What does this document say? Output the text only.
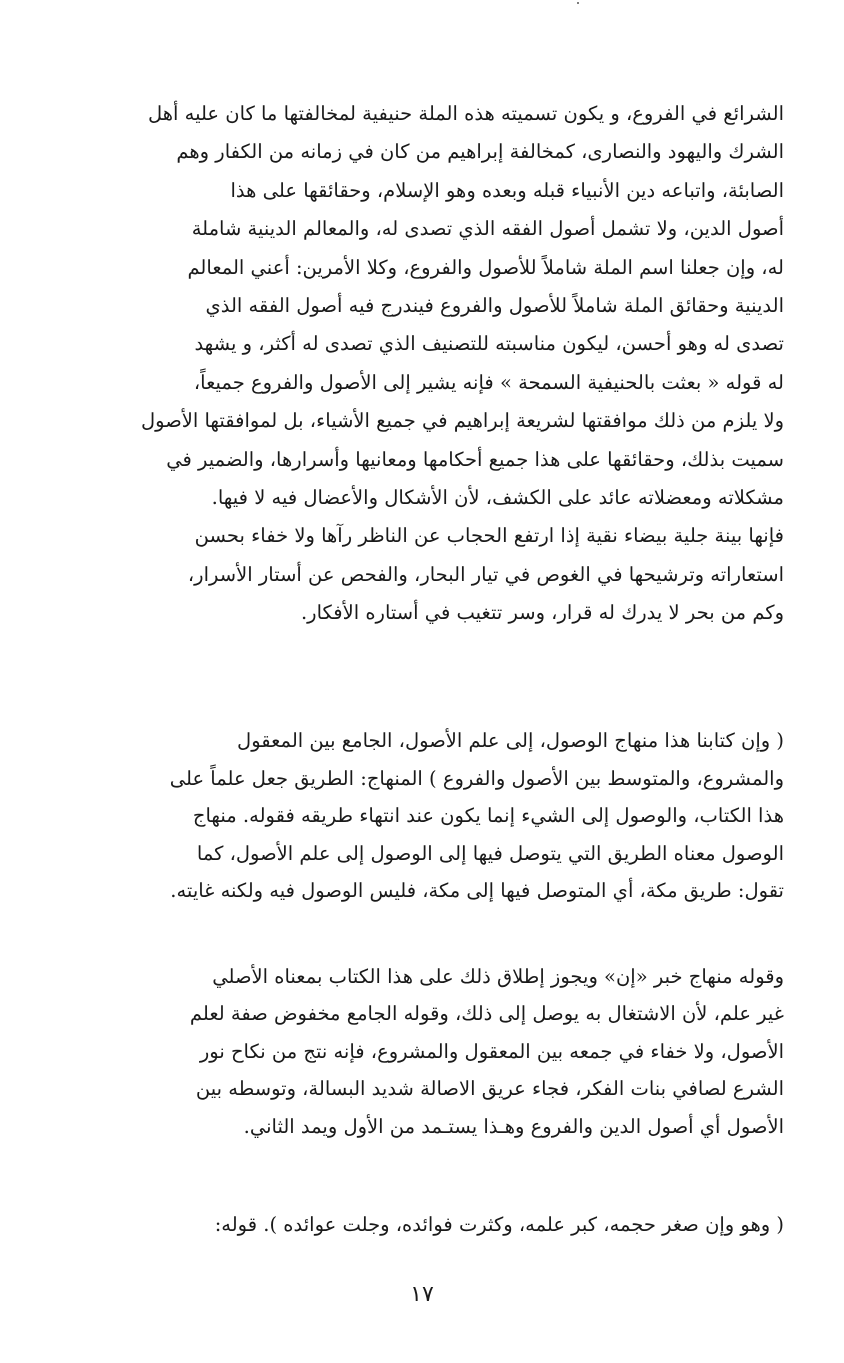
الشرائع في الفروع، و يكون تسميته هذه الملة حنيفية لمخالفتها ما كان عليه أهل
الشرك واليهود والنصارى، كمخالفة إبراهيم من كان في زمانه من الكفار وهم
الصابئة، واتباعه دين الأنبياء قبله وبعده وهو الإسلام، وحقائقها على هذا
أصول الدين، ولا تشمل أصول الفقه الذي تصدى له، والمعالم الدينية شاملة
له، وإن جعلنا اسم الملة شاملاً للأصول والفروع، وكلا الأمرين: أعني المعالم
الدينية وحقائق الملة شاملاً للأصول والفروع فيندرج فيه أصول الفقه الذي
تصدى له وهو أحسن، ليكون مناسبته للتصنيف الذي تصدى له أكثر، و يشهد
له قوله « بعثت بالحنيفية السمحة » فإنه يشير إلى الأصول والفروع جميعاً،
ولا يلزم من ذلك موافقتها لشريعة إبراهيم في جميع الأشياء، بل لموافقتها الأصول
سميت بذلك، وحقائقها على هذا جميع أحكامها ومعانيها وأسرارها، والضمير في
مشكلاته ومعضلاته عائد على الكشف، لأن الأشكال والأعضال فيه لا فيها.
فإنها بينة جلية بيضاء نقية إذا ارتفع الحجاب عن الناظر رآها ولا خفاء بحسن
استعاراته وترشيحها في الغوص في تيار البحار، والفحص عن أستار الأسرار،
وكم من بحر لا يدرك له قرار، وسر تتغيب في أستاره الأفكار.
( وإن كتابنا هذا منهاج الوصول، إلى علم الأصول، الجامع بين المعقول
والمشروع، والمتوسط بين الأصول والفروع ) المنهاج: الطريق جعل علماً على
هذا الكتاب، والوصول إلى الشيء إنما يكون عند انتهاء طريقه فقوله. منهاج
الوصول معناه الطريق التي يتوصل فيها إلى الوصول إلى علم الأصول، كما
تقول: طريق مكة، أي المتوصل فيها إلى مكة، فليس الوصول فيه ولكنه غايته.
وقوله منهاج خبر «إن» ويجوز إطلاق ذلك على هذا الكتاب بمعناه الأصلي
غير علم، لأن الاشتغال به يوصل إلى ذلك، وقوله الجامع مخفوض صفة لعلم
الأصول، ولا خفاء في جمعه بين المعقول والمشروع، فإنه نتج من نكاح نور
الشرع لصافي بنات الفكر، فجاء عريق الاصالة شديد البسالة، وتوسطه بين
الأصول أي أصول الدين والفروع وهـذا يستـمد من الأول ويمد الثاني.
( وهو وإن صغر حجمه، كبر علمه، وكثرت فوائده، وجلت عوائده ). قوله:
١٧
